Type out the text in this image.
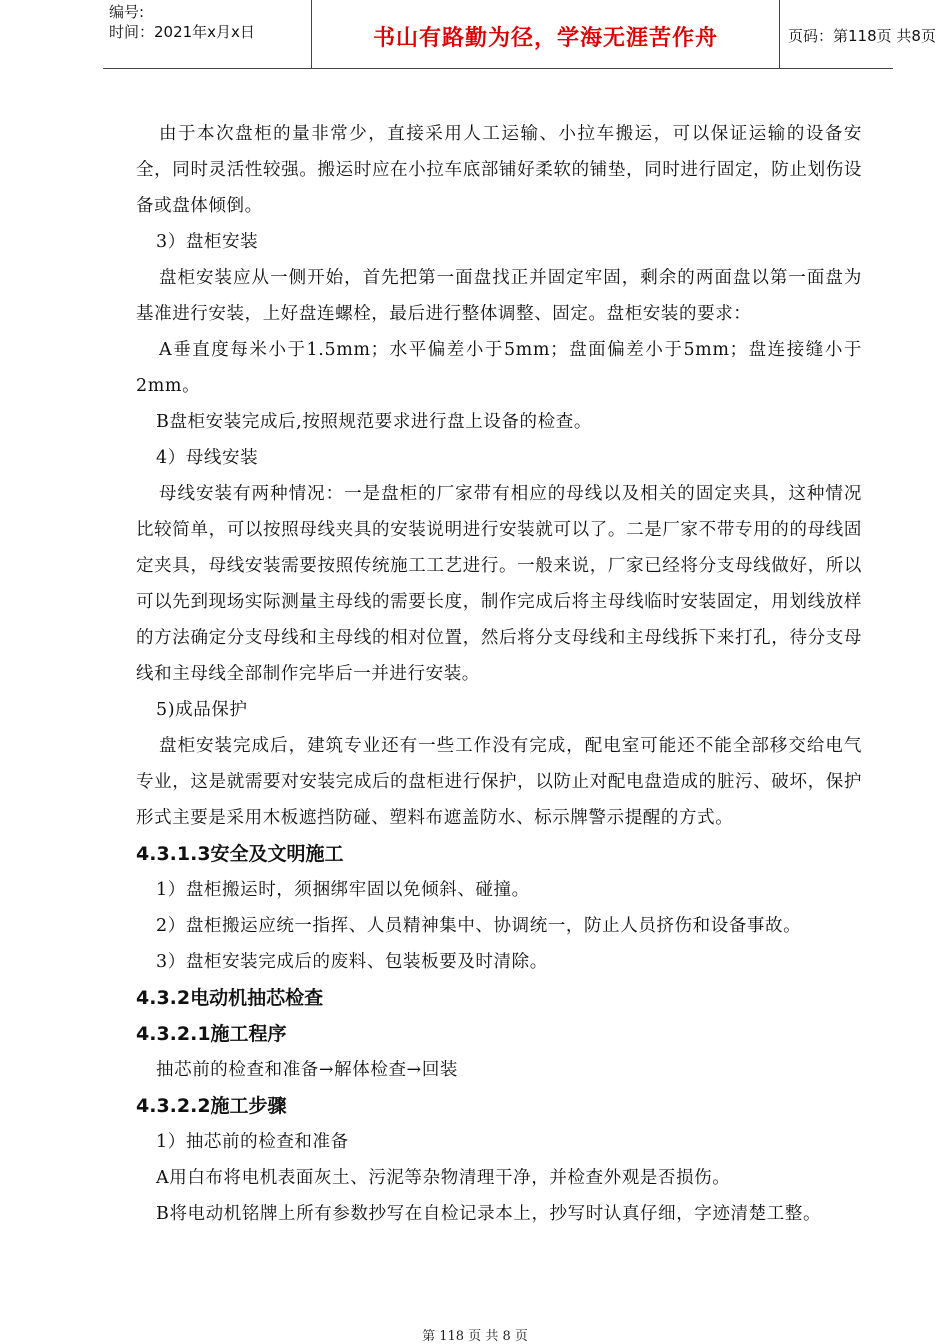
编号:
时间：2021年x月x日	书山有路勤为径，学海无涯苦作舟	页码：第118页 共8页

由于本次盘柜的量非常少，直接采用人工运输、小拉车搬运，可以保证运输的设备安全，同时灵活性较强。搬运时应在小拉车底部铺好柔软的铺垫，同时进行固定，防止划伤设备或盘体倾倒。

3）盘柜安装

盘柜安装应从一侧开始，首先把第一面盘找正并固定牢固，剩余的两面盘以第一面盘为基准进行安装，上好盘连螺栓，最后进行整体调整、固定。盘柜安装的要求：

A垂直度每米小于1.5mm；水平偏差小于5mm；盘面偏差小于5mm；盘连接缝小于2mm。

B盘柜安装完成后,按照规范要求进行盘上设备的检查。

4）母线安装

母线安装有两种情况：一是盘柜的厂家带有相应的母线以及相关的固定夹具，这种情况比较简单，可以按照母线夹具的安装说明进行安装就可以了。二是厂家不带专用的的母线固定夹具，母线安装需要按照传统施工工艺进行。一般来说，厂家已经将分支母线做好，所以可以先到现场实际测量主母线的需要长度，制作完成后将主母线临时安装固定，用划线放样的方法确定分支母线和主母线的相对位置，然后将分支母线和主母线拆下来打孔，待分支母线和主母线全部制作完毕后一并进行安装。

5)成品保护

盘柜安装完成后，建筑专业还有一些工作没有完成，配电室可能还不能全部移交给电气专业，这是就需要对安装完成后的盘柜进行保护，以防止对配电盘造成的脏污、破坏，保护形式主要是采用木板遮挡防碰、塑料布遮盖防水、标示牌警示提醒的方式。

4.3.1.3安全及文明施工

1）盘柜搬运时，须捆绑牢固以免倾斜、碰撞。

2）盘柜搬运应统一指挥、人员精神集中、协调统一，防止人员挤伤和设备事故。

3）盘柜安装完成后的废料、包装板要及时清除。

4.3.2电动机抽芯检查

4.3.2.1施工程序

抽芯前的检查和准备→解体检查→回装

4.3.2.2施工步骤

1）抽芯前的检查和准备

A用白布将电机表面灰土、污泥等杂物清理干净，并检查外观是否损伤。

B将电动机铭牌上所有参数抄写在自检记录本上，抄写时认真仔细，字迹清楚工整。

第 118 页 共 8 页
